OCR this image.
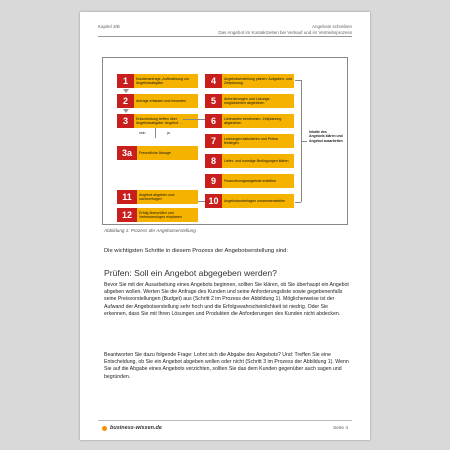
Kapitel 3/B	Angebote schreiben
Das Angebot im Kontaktzeiten bei Verkauf und im Vertriebsprozess
1	Kundenanfrage, Aufforderung zur Angebotsabgabe
2	Anfrage erfassen und bewerten
3	Entscheidung treffen über Angebotsabgabe: Angebot …
nein	ja
3a	Freundliche Absage
4	Angebotserstellung planen: Aufgaben- und Zeitplanung
5	Anforderungen und Lösungs-möglichkeiten abgleichen
6	Lieferanten bestimmen, Zeitplanung abgleichen
7	Leistungen kalkulieren und Preise festlegen
8	Liefer- und sonstige Bedingungen klären
9	Finanzierungsangebote erstellen
10	Angebotsunterlagen zusammenstellen
Inhalte des Angebots klären und Angebot ausarbeiten
11	Angebot abgeben und nachverfolgen
12	Erfolg überprüfen und Verbesserungen einplanen
Abbildung 1: Prozess der Angebotserstellung
Die wichtigsten Schritte in diesem Prozess der Angebotserstellung sind:
Prüfen: Soll ein Angebot abgegeben werden?

Bevor Sie mit der Ausarbeitung eines Angebots beginnen, sollten Sie klären, ob Sie überhaupt ein Angebot abgeben wollen. Werten Sie die Anfrage des Kunden und seine Anforderungsliste sowie gegebenenfalls seine Preisvorstellungen (Budget) aus (Schritt 2 im Prozess der Abbildung 1). Möglicherweise ist der Aufwand der Angebotserstellung sehr hoch und die Erfolgswahrscheinlichkeit ist niedrig. Oder Sie erkennen, dass Sie mit Ihren Lösungen und Produkten die Anforderungen des Kunden nicht abdecken.

Beantworten Sie dazu folgende Frage: Lohnt sich die Abgabe des Angebots? Und: Treffen Sie eine Entscheidung, ob Sie ein Angebot abgeben wollen oder nicht (Schritt 3 im Prozess der Abbildung 1). Wenn Sie auf die Abgabe eines Angebots verzichten, sollten Sie das dem Kunden gegenüber auch sagen und begründen.

business-wissen.de	Seite 4
